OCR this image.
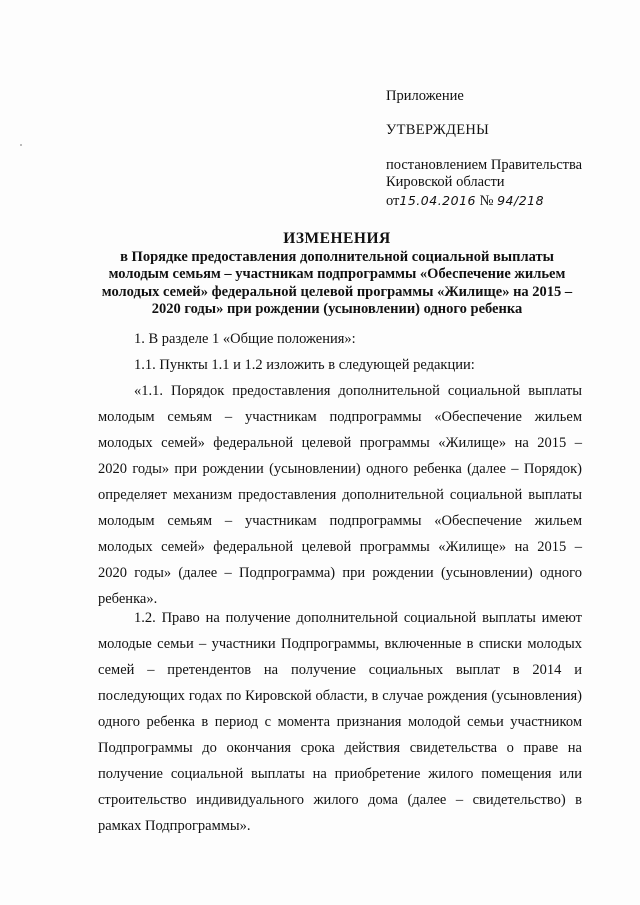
Приложение
УТВЕРЖДЕНЫ
постановлением Правительства
Кировской области
от15.04.2016 № 94/218
ИЗМЕНЕНИЯ
в Порядке предоставления дополнительной социальной выплаты
молодым семьям – участникам подпрограммы «Обеспечение жильем
молодых семей» федеральной целевой программы «Жилище» на 2015 –
2020 годы» при рождении (усыновлении) одного ребенка
1. В разделе 1 «Общие положения»:
1.1. Пункты 1.1 и 1.2 изложить в следующей редакции:
«1.1. Порядок предоставления дополнительной социальной выплаты
молодым семьям – участникам подпрограммы «Обеспечение жильем
молодых семей» федеральной целевой программы «Жилище» на 2015 –
2020 годы» при рождении (усыновлении) одного ребенка (далее – Порядок)
определяет механизм предоставления дополнительной социальной выплаты
молодым семьям – участникам подпрограммы «Обеспечение жильем
молодых семей» федеральной целевой программы «Жилище» на 2015 –
2020 годы» (далее – Подпрограмма) при рождении (усыновлении) одного
ребенка».
1.2. Право на получение дополнительной социальной выплаты имеют
молодые семьи – участники Подпрограммы, включенные в списки молодых
семей – претендентов на получение социальных выплат в 2014 и
последующих годах по Кировской области, в случае рождения (усыновления)
одного ребенка в период с момента признания молодой семьи участником
Подпрограммы до окончания срока действия свидетельства о праве на
получение социальной выплаты на приобретение жилого помещения или
строительство индивидуального жилого дома (далее – свидетельство) в
рамках Подпрограммы».
